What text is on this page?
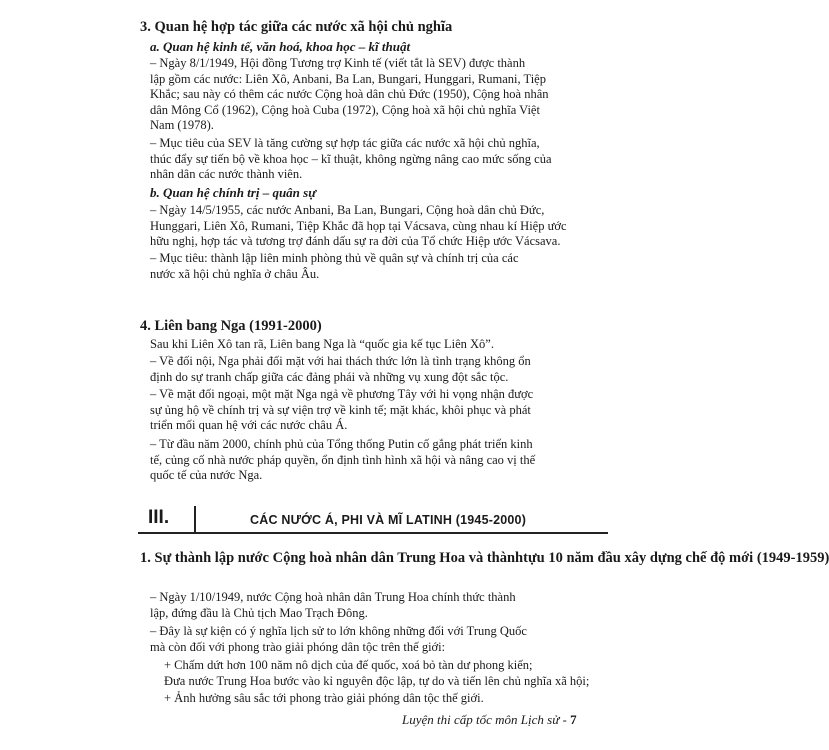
3. Quan hệ hợp tác giữa các nước xã hội chủ nghĩa
a. Quan hệ kinh tế, văn hoá, khoa học – kĩ thuật
– Ngày 8/1/1949, Hội đồng Tương trợ Kinh tế (viết tắt là SEV) được thành
lập gồm các nước: Liên Xô, Anbani, Ba Lan, Bungari, Hunggari, Rumani, Tiệp
Khắc; sau này có thêm các nước Cộng hoà dân chủ Đức (1950), Cộng hoà nhân
dân Mông Cổ (1962), Cộng hoà Cuba (1972), Cộng hoà xã hội chủ nghĩa Việt
Nam (1978).
– Mục tiêu của SEV là tăng cường sự hợp tác giữa các nước xã hội chủ nghĩa,
thúc đẩy sự tiến bộ về khoa học – kĩ thuật, không ngừng nâng cao mức sống của
nhân dân các nước thành viên.
b. Quan hệ chính trị – quân sự
– Ngày 14/5/1955, các nước Anbani, Ba Lan, Bungari, Cộng hoà dân chủ Đức,
Hunggari, Liên Xô, Rumani, Tiệp Khắc đã họp tại Vácsava, cùng nhau kí Hiệp ước
hữu nghị, hợp tác và tương trợ đánh dấu sự ra đời của Tổ chức Hiệp ước Vácsava.
– Mục tiêu: thành lập liên minh phòng thủ về quân sự và chính trị của các
nước xã hội chủ nghĩa ở châu Âu.
4. Liên bang Nga (1991-2000)
Sau khi Liên Xô tan rã, Liên bang Nga là “quốc gia kế tục Liên Xô”.
– Về đối nội, Nga phải đối mặt với hai thách thức lớn là tình trạng không ổn
định do sự tranh chấp giữa các đảng phái và những vụ xung đột sắc tộc.
– Về mặt đối ngoại, một mặt Nga ngả về phương Tây với hi vọng nhận được
sự ủng hộ về chính trị và sự viện trợ về kinh tế; mặt khác, khôi phục và phát
triển mối quan hệ với các nước châu Á.
– Từ đầu năm 2000, chính phủ của Tổng thống Putin cố gắng phát triển kinh
tế, củng cố nhà nước pháp quyền, ổn định tình hình xã hội và nâng cao vị thế
quốc tế của nước Nga.
III.	CÁC NƯỚC Á, PHI VÀ MĨ LATINH (1945-2000)
1. Sự thành lập nước Cộng hoà nhân dân Trung Hoa và thànhtựu 10 năm đầu xây dựng chế độ mới (1949-1959)
– Ngày 1/10/1949, nước Cộng hoà nhân dân Trung Hoa chính thức thành
lập, đứng đầu là Chủ tịch Mao Trạch Đông.
– Đây là sự kiện có ý nghĩa lịch sử to lớn không những đối với Trung Quốc
mà còn đối với phong trào giải phóng dân tộc trên thế giới:
+ Chấm dứt hơn 100 năm nô dịch của đế quốc, xoá bỏ tàn dư phong kiến;
Đưa nước Trung Hoa bước vào kỉ nguyên độc lập, tự do và tiến lên chủ nghĩa xã hội;
+ Ảnh hưởng sâu sắc tới phong trào giải phóng dân tộc thế giới.
Luyện thi cấp tốc môn Lịch sử - 7
